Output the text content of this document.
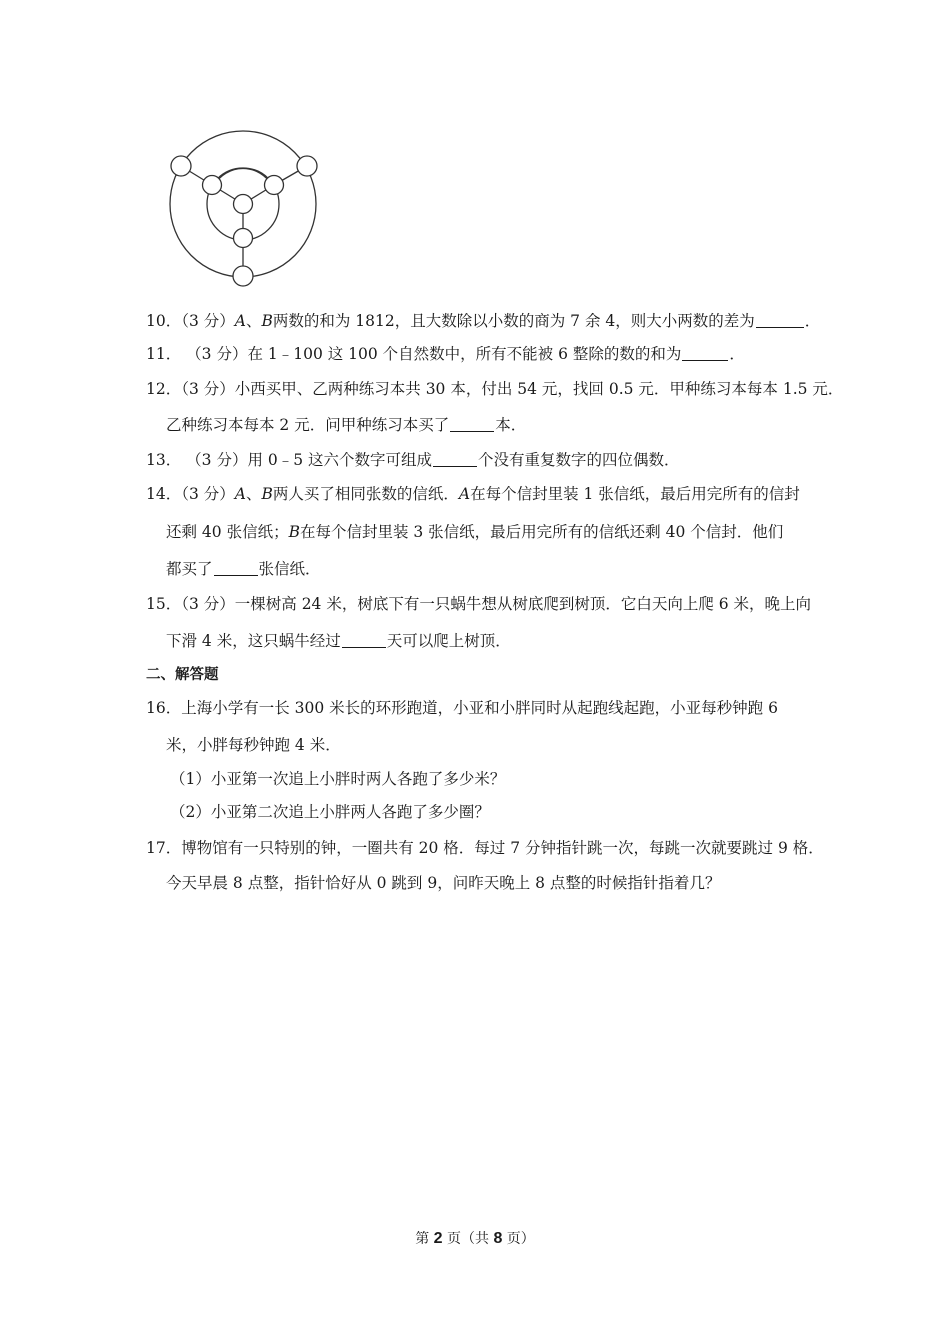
10．（3 分）A、B两数的和为 1812，且大数除以小数的商为 7 余 4，则大小两数的差为	．
11． （3 分）在 1﹣100 这 100 个自然数中，所有不能被 6 整除的数的和为	．
12．（3 分）小西买甲、乙两种练习本共 30 本，付出 54 元，找回 0.5 元．甲种练习本每本 1.5 元．
乙种练习本每本 2 元．问甲种练习本买了	本．
13． （3 分）用 0﹣5 这六个数字可组成	个没有重复数字的四位偶数．
14．（3 分）A、B两人买了相同张数的信纸．A在每个信封里装 1 张信纸，最后用完所有的信封
还剩 40 张信纸；B在每个信封里装 3 张信纸，最后用完所有的信纸还剩 40 个信封．他们
都买了	张信纸．
15．（3 分）一棵树高 24 米，树底下有一只蜗牛想从树底爬到树顶．它白天向上爬 6 米，晚上向
下滑 4 米，这只蜗牛经过	天可以爬上树顶．
二、解答题
16．上海小学有一长 300 米长的环形跑道，小亚和小胖同时从起跑线起跑，小亚每秒钟跑 6
米，小胖每秒钟跑 4 米．
（1）小亚第一次追上小胖时两人各跑了多少米？
（2）小亚第二次追上小胖两人各跑了多少圈？
17．博物馆有一只特别的钟，一圈共有 20 格．每过 7 分钟指针跳一次，每跳一次就要跳过 9 格．
今天早晨 8 点整，指针恰好从 0 跳到 9，问昨天晚上 8 点整的时候指针指着几？
第 2 页（共 8 页）
